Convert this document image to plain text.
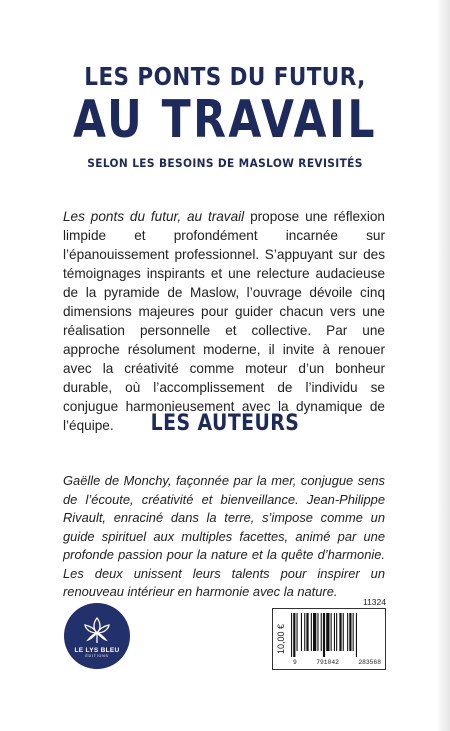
LES PONTS DU FUTUR,
AU TRAVAIL
SELON LES BESOINS DE MASLOW REVISITÉS
Les ponts du futur, au travail propose une réflexion limpide et profondément incarnée sur l’épanouissement professionnel. S’appuyant sur des témoignages inspirants et une relecture audacieuse de la pyramide de Maslow, l’ouvrage dévoile cinq dimensions majeures pour guider chacun vers une réalisation personnelle et collective. Par une approche résolument moderne, il invite à renouer avec la créativité comme moteur d’un bonheur durable, où l’accomplissement de l’individu se conjugue harmonieusement avec la dynamique de l’équipe.	LES AUTEURS
Gaëlle de Monchy, façonnée par la mer, conjugue sens de l’écoute, créativité et bienveillance. Jean-Philippe Rivault, enraciné dans la terre, s’impose comme un guide spirituel aux multiples facettes, animé par une profonde passion pour la nature et la quête d’harmonie. Les deux unissent leurs talents pour inspirer un renouveau intérieur en harmonie avec la nature.
LE LYS BLEU
ÉDITIONS
11324
10,00 €
9	791042	283568
